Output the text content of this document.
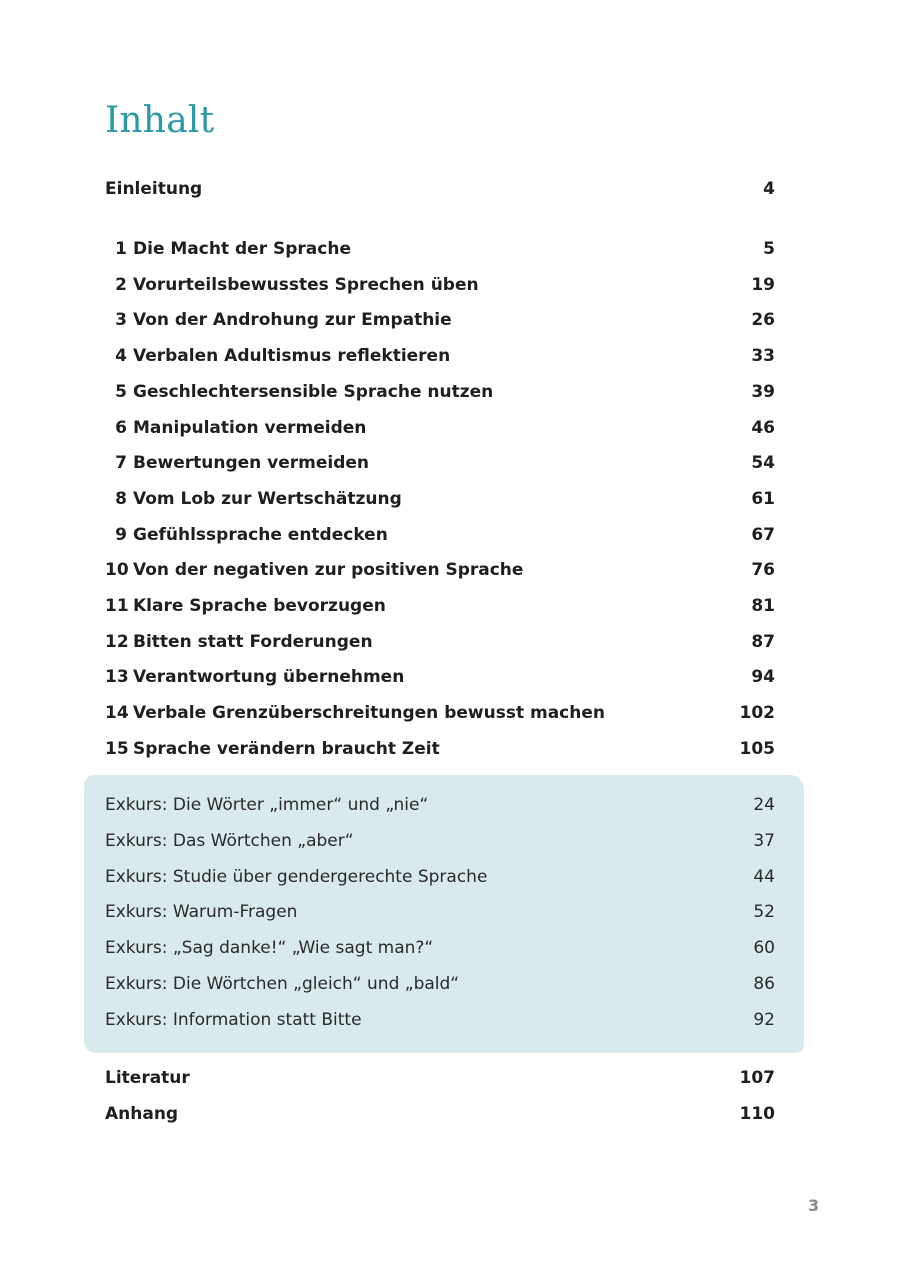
Inhalt
Einleitung	4
1 Die Macht der Sprache	5
2 Vorurteilsbewusstes Sprechen üben	19
3 Von der Androhung zur Empathie	26
4 Verbalen Adultismus reflektieren	33
5 Geschlechtersensible Sprache nutzen	39
6 Manipulation vermeiden	46
7 Bewertungen vermeiden	54
8 Vom Lob zur Wertschätzung	61
9 Gefühlssprache entdecken	67
10 Von der negativen zur positiven Sprache	76
11 Klare Sprache bevorzugen	81
12 Bitten statt Forderungen	87
13 Verantwortung übernehmen	94
14 Verbale Grenzüberschreitungen bewusst machen	102
15 Sprache verändern braucht Zeit	105
Exkurs: Die Wörter „immer“ und „nie“	24
Exkurs: Das Wörtchen „aber“	37
Exkurs: Studie über gendergerechte Sprache	44
Exkurs: Warum-Fragen	52
Exkurs: „Sag danke!“ „Wie sagt man?“	60
Exkurs: Die Wörtchen „gleich“ und „bald“	86
Exkurs: Information statt Bitte	92
Literatur	107
Anhang	110
3
